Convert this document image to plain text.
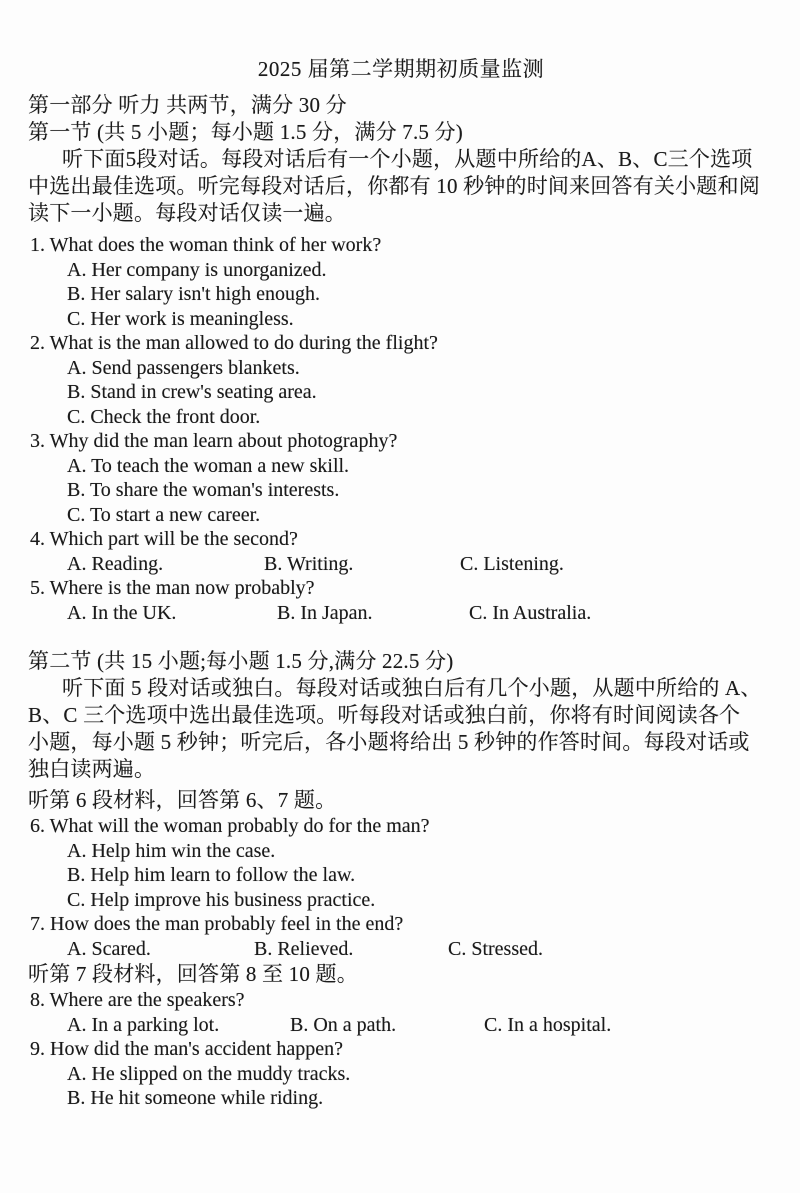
2025 届第二学期期初质量监测
第一部分 听力 共两节，满分 30 分
第一节 (共 5 小题；每小题 1.5 分，满分 7.5 分)
听下面5段对话。每段对话后有一个小题，从题中所给的A、B、C三个选项
中选出最佳选项。听完每段对话后，你都有 10 秒钟的时间来回答有关小题和阅
读下一小题。每段对话仅读一遍。
1. What does the woman think of her work?
A. Her company is unorganized.
B. Her salary isn't high enough.
C. Her work is meaningless.
2. What is the man allowed to do during the flight?
A. Send passengers blankets.
B. Stand in crew's seating area.
C. Check the front door.
3. Why did the man learn about photography?
A. To teach the woman a new skill.
B. To share the woman's interests.
C. To start a new career.
4. Which part will be the second?
A. Reading.	B. Writing.	C. Listening.
5. Where is the man now probably?
A. In the UK.	B. In Japan.	C. In Australia.
第二节 (共 15 小题;每小题 1.5 分,满分 22.5 分)
听下面 5 段对话或独白。每段对话或独白后有几个小题，从题中所给的 A、
B、C 三个选项中选出最佳选项。听每段对话或独白前，你将有时间阅读各个
小题，每小题 5 秒钟；听完后，各小题将给出 5 秒钟的作答时间。每段对话或
独白读两遍。
听第 6 段材料，回答第 6、7 题。
6. What will the woman probably do for the man?
A. Help him win the case.
B. Help him learn to follow the law.
C. Help improve his business practice.
7. How does the man probably feel in the end?
A. Scared.	B. Relieved.	C. Stressed.
听第 7 段材料，回答第 8 至 10 题。
8. Where are the speakers?
A. In a parking lot.	B. On a path.	C. In a hospital.
9. How did the man's accident happen?
A. He slipped on the muddy tracks.
B. He hit someone while riding.
